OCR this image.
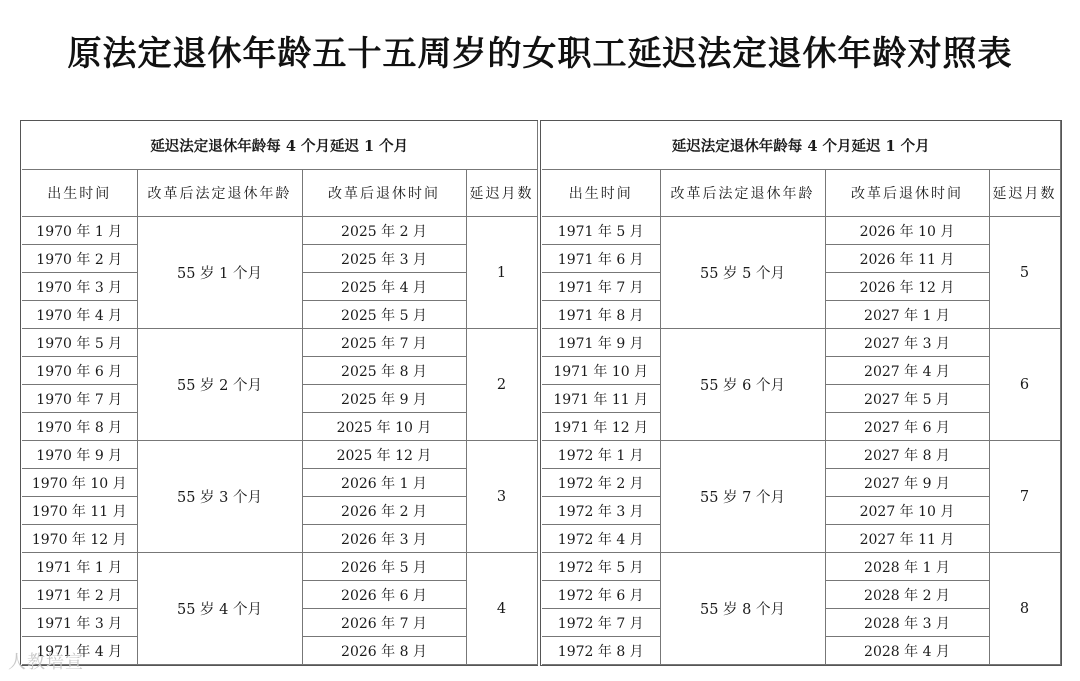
原法定退休年龄五十五周岁的女职工延迟法定退休年龄对照表
延迟法定退休年龄每 4 个月延迟 1 个月			
出生时间	改革后法定退休年龄	改革后退休时间	延迟月数
1970 年 1 月	55 岁 1 个月	2025 年 2 月	1
1970 年 2 月		2025 年 3 月	
1970 年 3 月		2025 年 4 月	
1970 年 4 月		2025 年 5 月	
1970 年 5 月	55 岁 2 个月	2025 年 7 月	2
1970 年 6 月		2025 年 8 月	
1970 年 7 月		2025 年 9 月	
1970 年 8 月		2025 年 10 月	
1970 年 9 月	55 岁 3 个月	2025 年 12 月	3
1970 年 10 月		2026 年 1 月	
1970 年 11 月		2026 年 2 月	
1970 年 12 月		2026 年 3 月	
1971 年 1 月	55 岁 4 个月	2026 年 5 月	4
1971 年 2 月		2026 年 6 月	
1971 年 3 月		2026 年 7 月	
1971 年 4 月		2026 年 8 月	
延迟法定退休年龄每 4 个月延迟 1 个月			
出生时间	改革后法定退休年龄	改革后退休时间	延迟月数
1971 年 5 月	55 岁 5 个月	2026 年 10 月	5
1971 年 6 月		2026 年 11 月	
1971 年 7 月		2026 年 12 月	
1971 年 8 月		2027 年 1 月	
1971 年 9 月	55 岁 6 个月	2027 年 3 月	6
1971 年 10 月		2027 年 4 月	
1971 年 11 月		2027 年 5 月	
1971 年 12 月		2027 年 6 月	
1972 年 1 月	55 岁 7 个月	2027 年 8 月	7
1972 年 2 月		2027 年 9 月	
1972 年 3 月		2027 年 10 月	
1972 年 4 月		2027 年 11 月	
1972 年 5 月	55 岁 8 个月	2028 年 1 月	8
1972 年 6 月		2028 年 2 月	
1972 年 7 月		2028 年 3 月	
1972 年 8 月		2028 年 4 月	
人教培宣
